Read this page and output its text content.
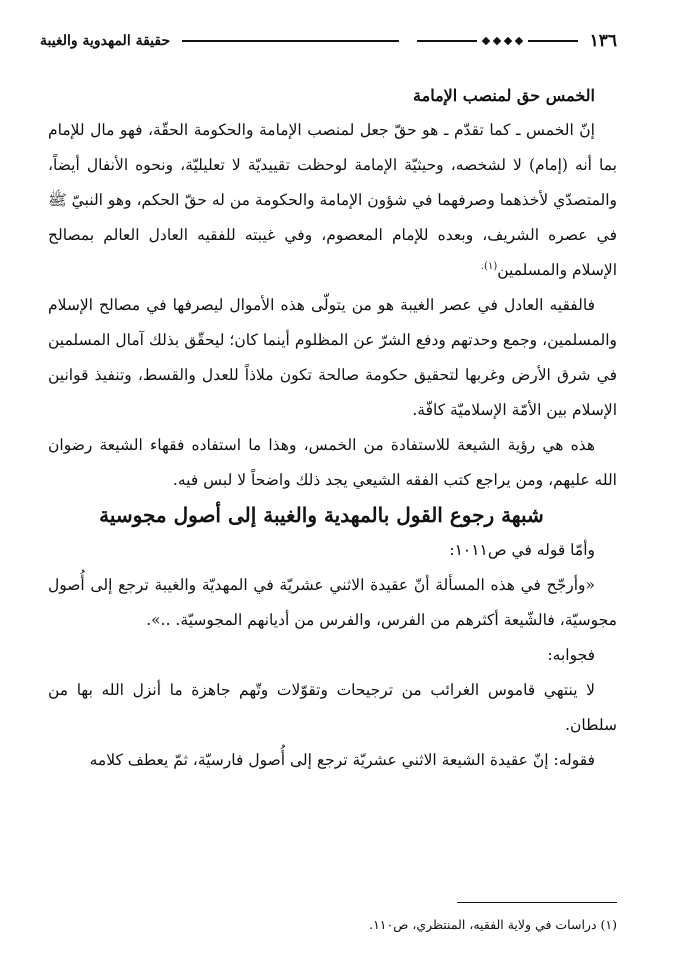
١٣٦
حقيقة المهدوية والغيبة

الخمس حق لمنصب الإمامة

إنّ الخمس ـ كما تقدّم ـ هو حقّ جعل لمنصب الإمامة والحكومة الحقّة، فهو مال للإمام بما أنه (إمام) لا لشخصه، وحيثيّة الإمامة لوحظت تقييديّة لا تعليليّة، ونحوه الأنفال أيضاً، والمتصدّي لأخذهما وصرفهما في شؤون الإمامة والحكومة من له حقّ الحكم، وهو النبيّ ﷺ في عصره الشريف، وبعده للإمام المعصوم، وفي غيبته للفقيه العادل العالم بمصالح الإسلام والمسلمين$^{(١).}$

فالفقيه العادل في عصر الغيبة هو من يتولّى هذه الأموال ليصرفها في مصالح الإسلام والمسلمين، وجمع وحدتهم ودفع الشرّ عن المظلوم أينما كان؛ ليحقّق بذلك آمال المسلمين في شرق الأرض وغربها لتحقيق حكومة صالحة تكون ملاذاً للعدل والقسط، وتنفيذ قوانين الإسلام بين الأمّة الإسلاميّة كافّة.

هذه هي رؤية الشيعة للاستفادة من الخمس، وهذا ما استفاده فقهاء الشيعة رضوان الله عليهم، ومن يراجع كتب الفقه الشيعي يجد ذلك واضحاً لا لبس فيه.

شبهة رجوع القول بالمهدية والغيبة إلى أصول مجوسية

وأمّا قوله في ص١٠١١:

«وأرجّح في هذه المسألة أنّ عقيدة الاثني عشريّة في المهديّة والغيبة ترجع إلى أُصول مجوسيّة، فالشّيعة أكثرهم من الفرس، والفرس من أديانهم المجوسيّة. ..».

فجوابه:

لا ينتهي قاموس الغرائب من ترجيحات وتقوّلات وتّهم جاهزة ما أنزل الله بها من سلطان.

فقوله: إنّ عقيدة الشيعة الاثني عشريّة ترجع إلى أُصول فارسيّة، ثمّ يعطف كلامه

(١) دراسات في ولاية الفقيه، المنتظري، ص١١٠.
